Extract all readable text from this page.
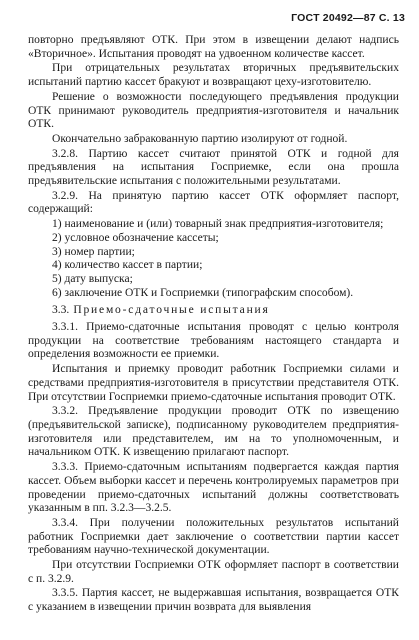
ГОСТ 20492—87 С. 13

повторно предъявляют ОТК. При этом в извещении делают надпись «Вторичное». Испытания проводят на удвоенном количестве кассет.

При отрицательных результатах вторичных предъявительских испытаний партию кассет бракуют и возвращают цеху-изготовителю.

Решение о возможности последующего предъявления продукции ОТК принимают руководитель предприятия-изготовителя и начальник ОТК.

Окончательно забракованную партию изолируют от годной.

3.2.8. Партию кассет считают принятой ОТК и годной для предъявления на испытания Госприемке, если она прошла предъявительские испытания с положительными результатами.

3.2.9. На принятую партию кассет ОТК оформляет паспорт, содержащий:

1) наименование и (или) товарный знак предприятия-изготовителя;

2) условное обозначение кассеты;

3) номер партии;

4) количество кассет в партии;

5) дату выпуска;

6) заключение ОТК и Госприемки (типографским способом).

3.3. Приемо-сдаточные испытания

3.3.1. Приемо-сдаточные испытания проводят с целью контроля продукции на соответствие требованиям настоящего стандарта и определения возможности ее приемки.

Испытания и приемку проводит работник Госприемки силами и средствами предприятия-изготовителя в присутствии представителя ОТК. При отсутствии Госприемки приемо-сдаточные испытания проводит ОТК.

3.3.2. Предъявление продукции проводит ОТК по извещению (предъявительской записке), подписанному руководителем предприятия-изготовителя или представителем, им на то уполномоченным, и начальником ОТК. К извещению прилагают паспорт.

3.3.3. Приемо-сдаточным испытаниям подвергается каждая партия кассет. Объем выборки кассет и перечень контролируемых параметров при проведении приемо-сдаточных испытаний должны соответствовать указанным в пп. 3.2.3—3.2.5.

3.3.4. При получении положительных результатов испытаний работник Госприемки дает заключение о соответствии партии кассет требованиям научно-технической документации.

При отсутствии Госприемки ОТК оформляет паспорт в соответствии с п. 3.2.9.

3.3.5. Партия кассет, не выдержавшая испытания, возвращается ОТК с указанием в извещении причин возврата для выявления
